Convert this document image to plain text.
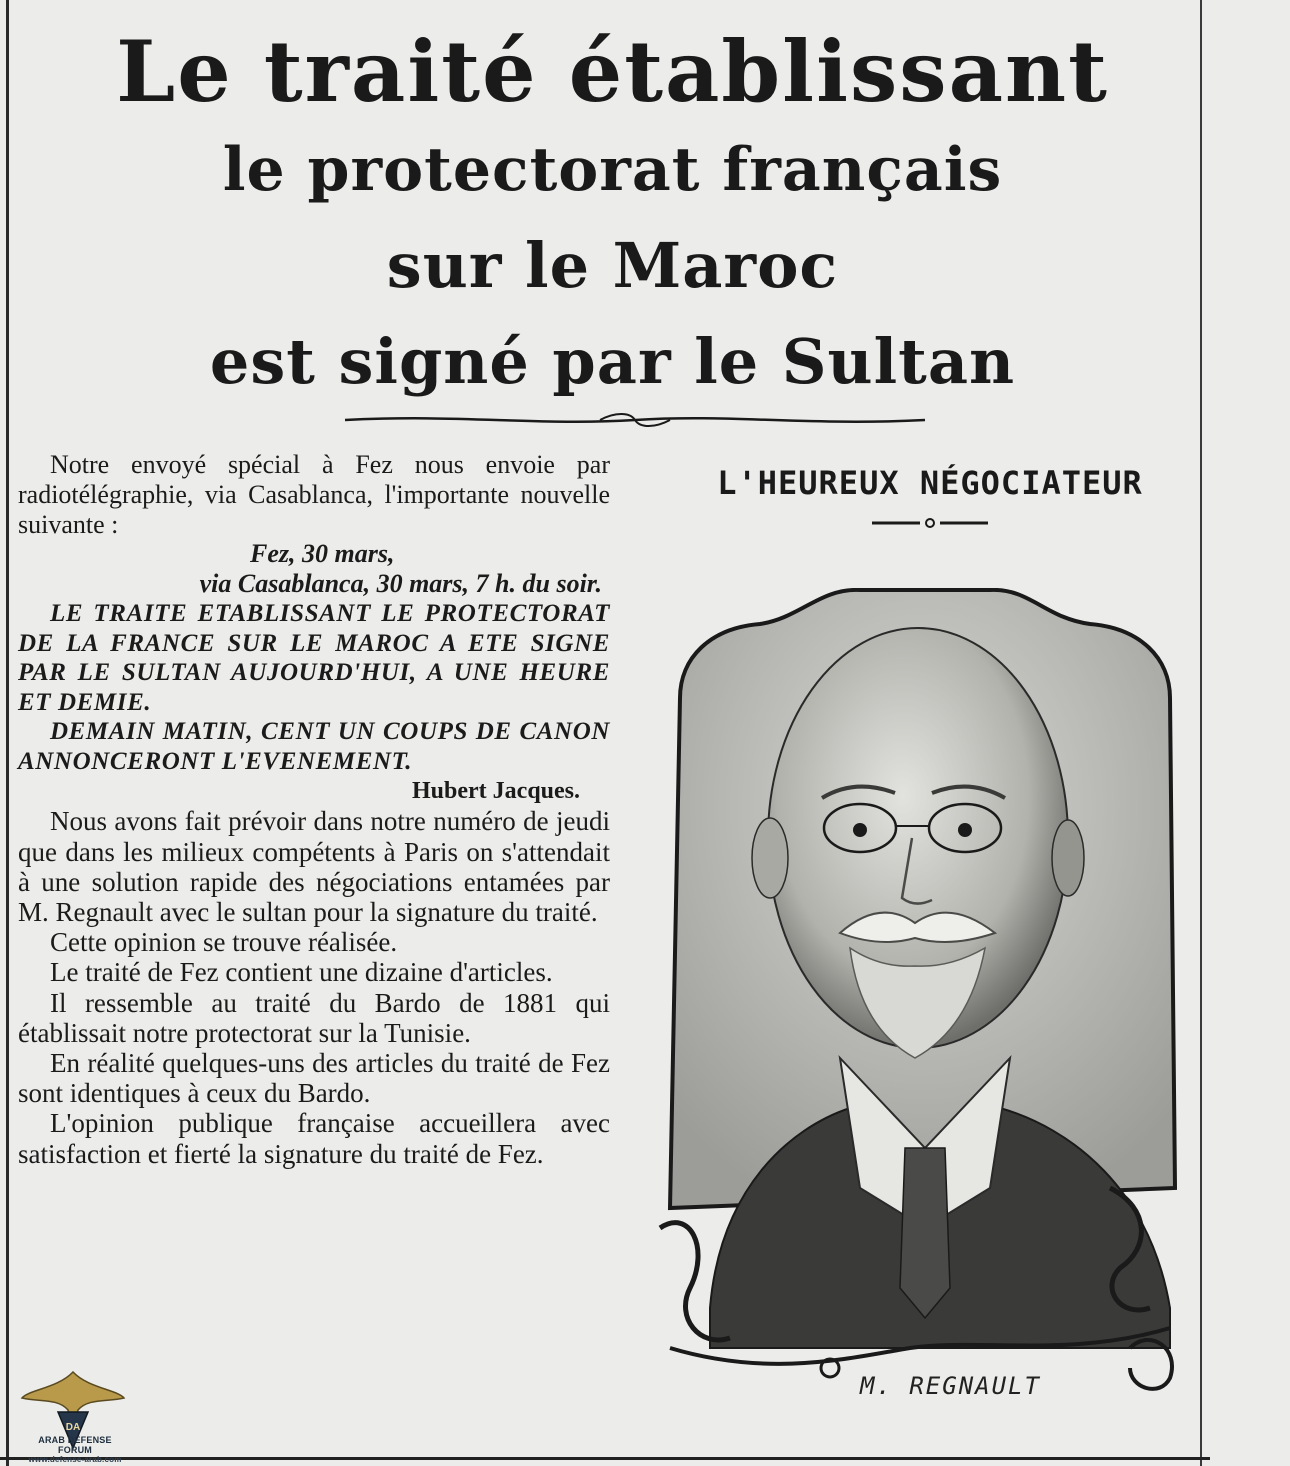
Le traité établissant
le protectorat français
sur le Maroc
est signé par le Sultan

Notre envoyé spécial à Fez nous envoie par radiotélégraphie, via Casablanca, l'importante nouvelle suivante :

Fez, 30 mars,

via Casablanca, 30 mars, 7 h. du soir.

LE TRAITE ETABLISSANT LE PROTECTORAT DE LA FRANCE SUR LE MAROC A ETE SIGNE PAR LE SULTAN AUJOURD'HUI, A UNE HEURE ET DEMIE.

DEMAIN MATIN, CENT UN COUPS DE CANON ANNONCERONT L'EVENEMENT.

Hubert Jacques.

Nous avons fait prévoir dans notre numéro de jeudi que dans les milieux compétents à Paris on s'attendait à une solution rapide des négociations entamées par M. Regnault avec le sultan pour la signature du traité.

Cette opinion se trouve réalisée.

Le traité de Fez contient une dizaine d'articles.

Il ressemble au traité du Bardo de 1881 qui établissait notre protectorat sur la Tunisie.

En réalité quelques-uns des articles du traité de Fez sont identiques à ceux du Bardo.

L'opinion publique française accueillera avec satisfaction et fierté la signature du traité de Fez.

L'HEUREUX NÉGOCIATEUR
M. REGNAULT
DA
ARAB DEFENSE FORUM
www.defense-arab.com
